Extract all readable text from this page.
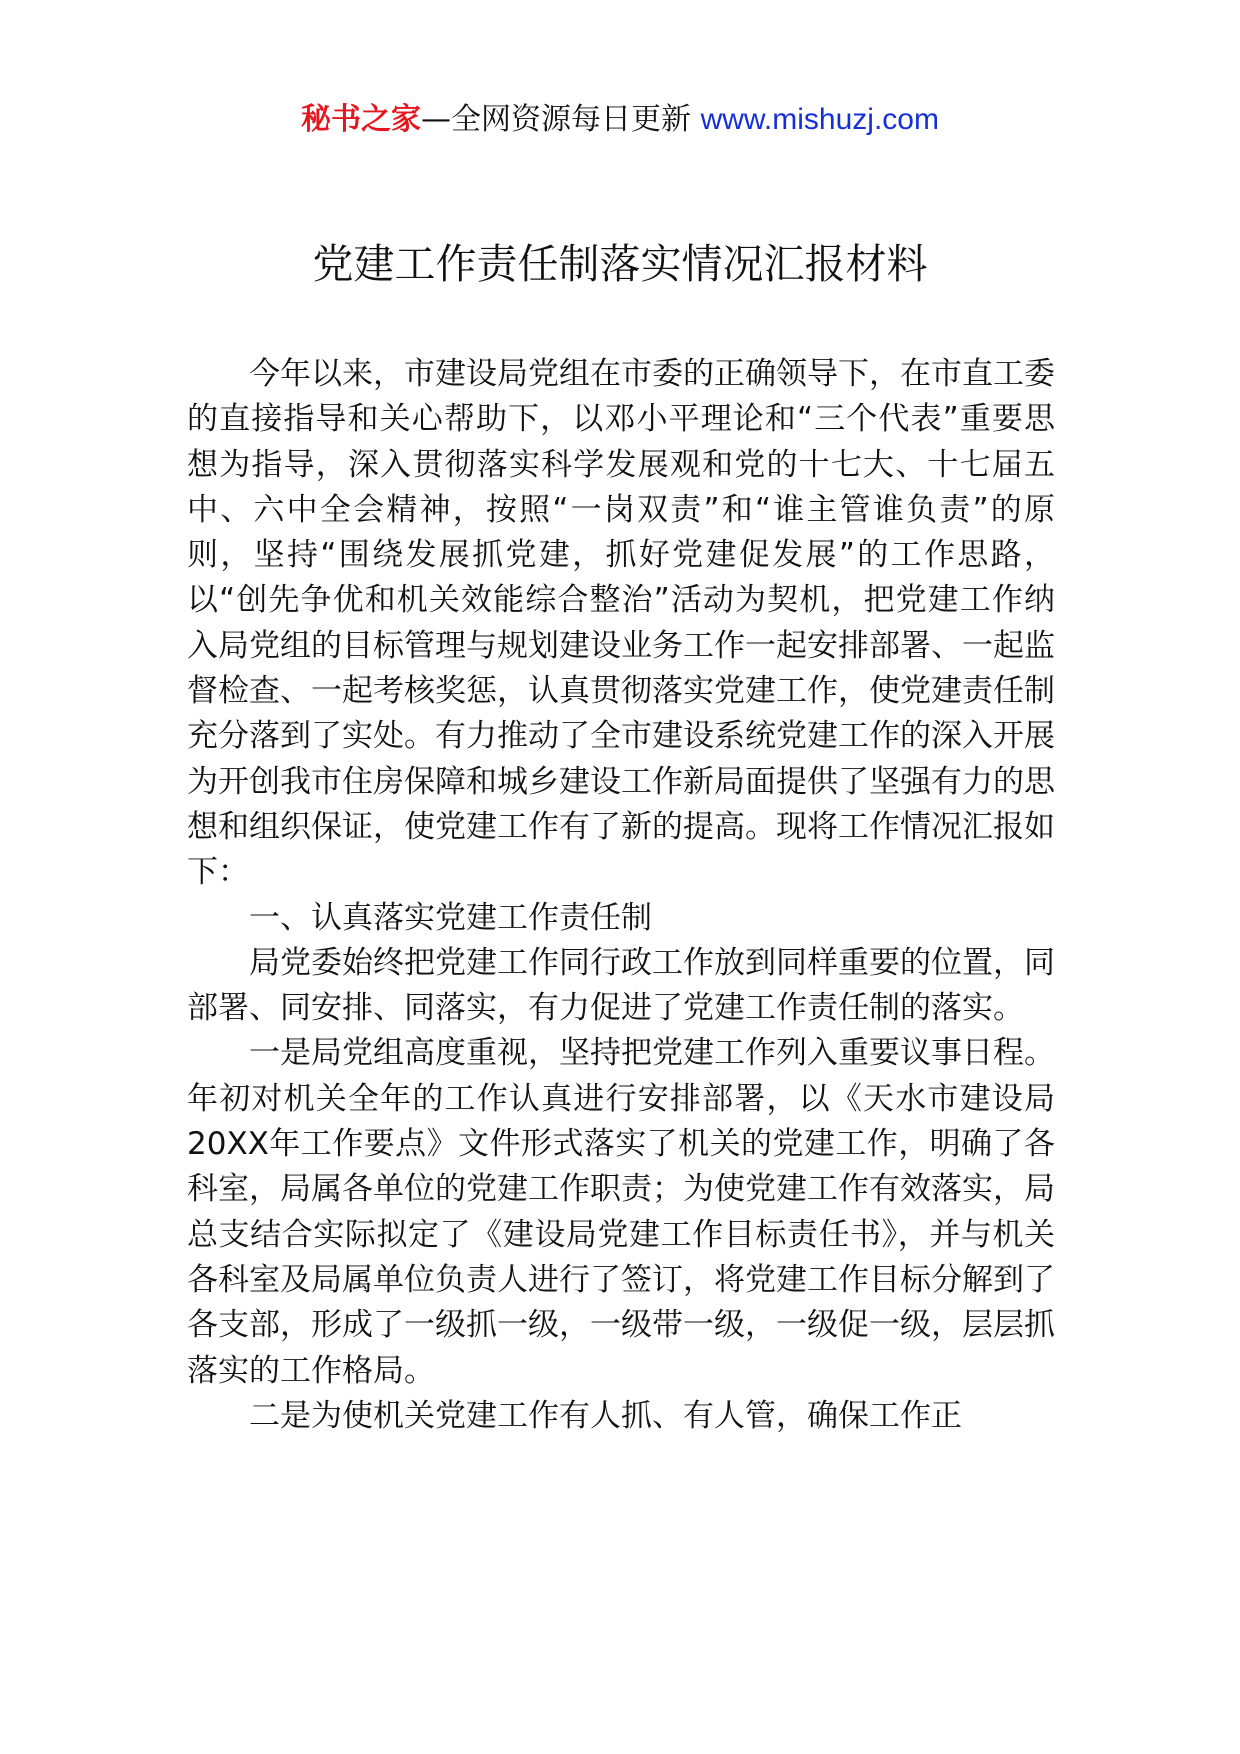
秘书之家—全网资源每日更新 www.mishuzj.com
党建工作责任制落实情况汇报材料

今年以来，市建设局党组在市委的正确领导下，在市直工委的直接指导和关心帮助下，以邓小平理论和“三个代表”重要思想为指导，深入贯彻落实科学发展观和党的十七大、十七届五中、六中全会精神，按照“一岗双责”和“谁主管谁负责”的原则，坚持“围绕发展抓党建，抓好党建促发展”的工作思路，以“创先争优和机关效能综合整治”活动为契机，把党建工作纳入局党组的目标管理与规划建设业务工作一起安排部署、一起监督检查、一起考核奖惩，认真贯彻落实党建工作，使党建责任制充分落到了实处。有力推动了全市建设系统党建工作的深入开展为开创我市住房保障和城乡建设工作新局面提供了坚强有力的思想和组织保证，使党建工作有了新的提高。现将工作情况汇报如下：

一、认真落实党建工作责任制

局党委始终把党建工作同行政工作放到同样重要的位置，同部署、同安排、同落实，有力促进了党建工作责任制的落实。

一是局党组高度重视，坚持把党建工作列入重要议事日程。年初对机关全年的工作认真进行安排部署，以《天水市建设局20XX年工作要点》文件形式落实了机关的党建工作，明确了各科室，局属各单位的党建工作职责；为使党建工作有效落实，局总支结合实际拟定了《建设局党建工作目标责任书》，并与机关各科室及局属单位负责人进行了签订，将党建工作目标分解到了各支部，形成了一级抓一级，一级带一级，一级促一级，层层抓落实的工作格局。

二是为使机关党建工作有人抓、有人管，确保工作正
